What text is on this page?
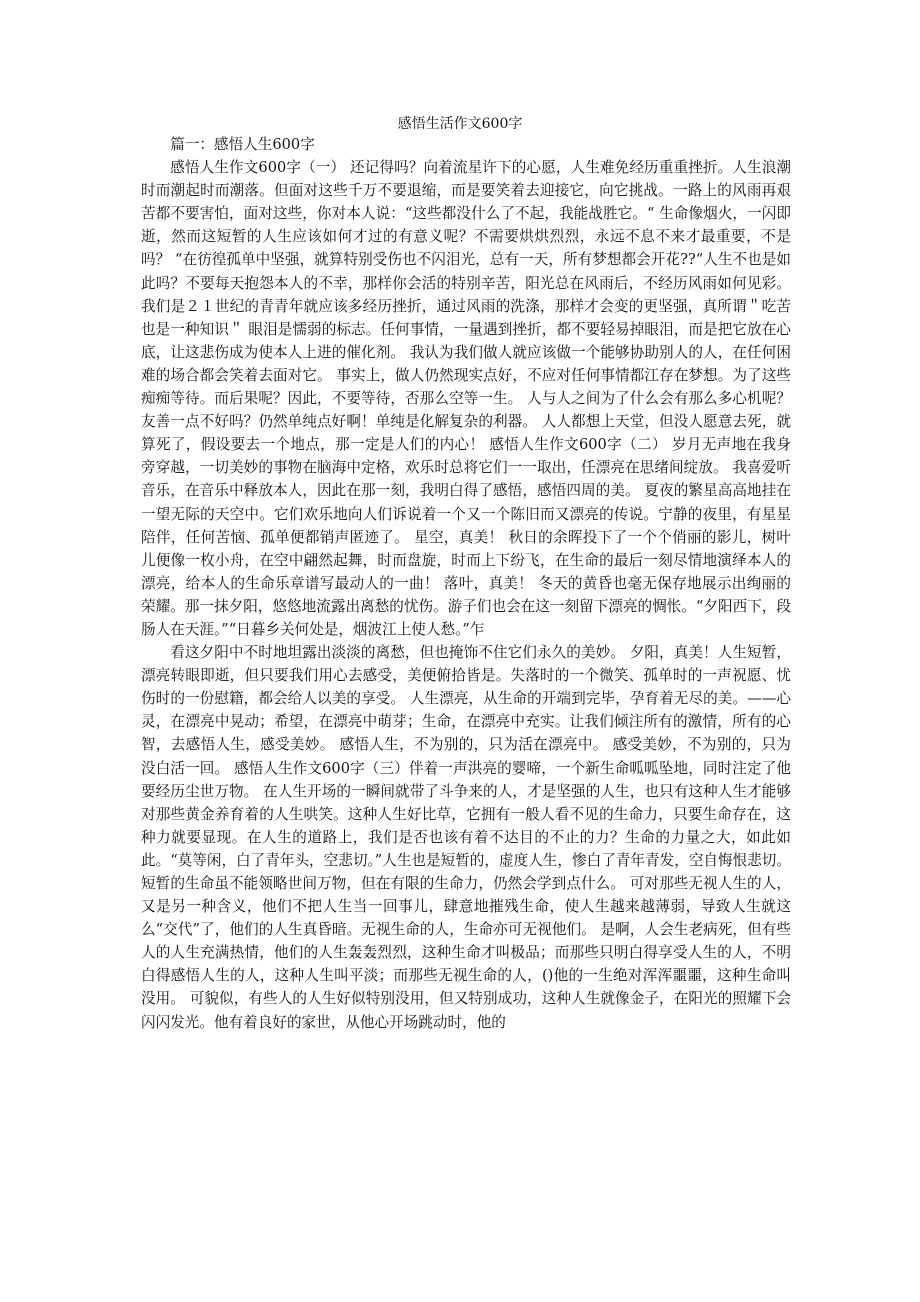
感悟生活作文600字

篇一：感悟人生600字

感悟人生作文600字（一） 还记得吗？向着流星许下的心愿，人生难免经历重重挫折。人生浪潮时而潮起时而潮落。但面对这些千万不要退缩，而是要笑着去迎接它，向它挑战。一路上的风雨再艰苦都不要害怕，面对这些，你对本人说：“这些都没什么了不起，我能战胜它。“ 生命像烟火，一闪即逝，然而这短暂的人生应该如何才过的有意义呢？不需要烘烘烈烈，永远不息不来才最重要，不是吗？ “在彷徨孤单中坚强，就算特别受伤也不闪泪光，总有一天，所有梦想都会开花??“人生不也是如此吗？不要每天抱怨本人的不幸，那样你会活的特别辛苦，阳光总在风雨后，不经历风雨如何见彩。我们是２１世纪的青青年就应该多经历挫折，通过风雨的洗涤，那样才会变的更坚强，真所谓＂吃苦也是一种知识＂ 眼泪是懦弱的标志。任何事情，一量遇到挫折，都不要轻易掉眼泪，而是把它放在心底，让这悲伤成为使本人上进的催化剂。 我认为我们做人就应该做一个能够协助别人的人，在任何困难的场合都会笑着去面对它。 事实上，做人仍然现实点好，不应对任何事情都江存在梦想。为了这些痴痴等待。而后果呢？因此，不要等待，否那么空等一生。 人与人之间为了什么会有那么多心机呢？友善一点不好吗？仍然单纯点好啊！单纯是化解复杂的利器。 人人都想上天堂，但没人愿意去死，就算死了，假设要去一个地点，那一定是人们的内心！ 感悟人生作文600字（二） 岁月无声地在我身旁穿越，一切美妙的事物在脑海中定格，欢乐时总将它们一一取出，任漂亮在思绪间绽放。 我喜爱听音乐，在音乐中释放本人，因此在那一刻，我明白得了感悟，感悟四周的美。 夏夜的繁星高高地挂在一望无际的天空中。它们欢乐地向人们诉说着一个又一个陈旧而又漂亮的传说。宁静的夜里，有星星陪伴，任何苦恼、孤单便都销声匿迹了。 星空，真美！ 秋日的余晖投下了一个个俏丽的影儿，树叶儿便像一枚小舟，在空中翩然起舞，时而盘旋，时而上下纷飞，在生命的最后一刻尽情地演绎本人的漂亮，给本人的生命乐章谱写最动人的一曲！ 落叶，真美！ 冬天的黄昏也毫无保存地展示出绚丽的荣耀。那一抹夕阳，悠悠地流露出离愁的忧伤。游子们也会在这一刻留下漂亮的惆怅。“夕阳西下，段肠人在天涯。”“日暮乡关何处是，烟波江上使人愁。”乍

看这夕阳中不时地坦露出淡淡的离愁，但也掩饰不住它们永久的美妙。 夕阳，真美！人生短暂，漂亮转眼即逝，但只要我们用心去感受，美便俯拾皆是。失落时的一个微笑、孤单时的一声祝愿、忧伤时的一份慰籍，都会给人以美的享受。 人生漂亮，从生命的开端到完毕，孕育着无尽的美。——心灵，在漂亮中晃动；希望，在漂亮中萌芽；生命，在漂亮中充实。让我们倾注所有的激情，所有的心智，去感悟人生，感受美妙。 感悟人生，不为别的，只为活在漂亮中。 感受美妙，不为别的，只为没白活一回。 感悟人生作文600字（三）伴着一声洪亮的婴啼，一个新生命呱呱坠地，同时注定了他要经历尘世万物。 在人生开场的一瞬间就带了斗争来的人，才是坚强的人生，也只有这种人生才能够对那些黄金养育着的人生哄笑。这种人生好比草，它拥有一般人看不见的生命力，只要生命存在，这种力就要显现。在人生的道路上，我们是否也该有着不达目的不止的力？生命的力量之大，如此如此。“莫等闲，白了青年头，空悲切。”人生也是短暂的，虚度人生，惨白了青年青发，空自悔恨悲切。短暂的生命虽不能领略世间万物，但在有限的生命力，仍然会学到点什么。 可对那些无视人生的人，又是另一种含义，他们不把人生当一回事儿，肆意地摧残生命，使人生越来越薄弱，导致人生就这么“交代”了，他们的人生真昏暗。无视生命的人，生命亦可无视他们。 是啊，人会生老病死，但有些人的人生充满热情，他们的人生轰轰烈烈，这种生命才叫极品；而那些只明白得享受人生的人，不明白得感悟人生的人，这种人生叫平淡；而那些无视生命的人，()他的一生绝对浑浑噩噩，这种生命叫没用。 可貌似，有些人的人生好似特别没用，但又特别成功，这种人生就像金子，在阳光的照耀下会闪闪发光。他有着良好的家世，从他心开场跳动时，他的
